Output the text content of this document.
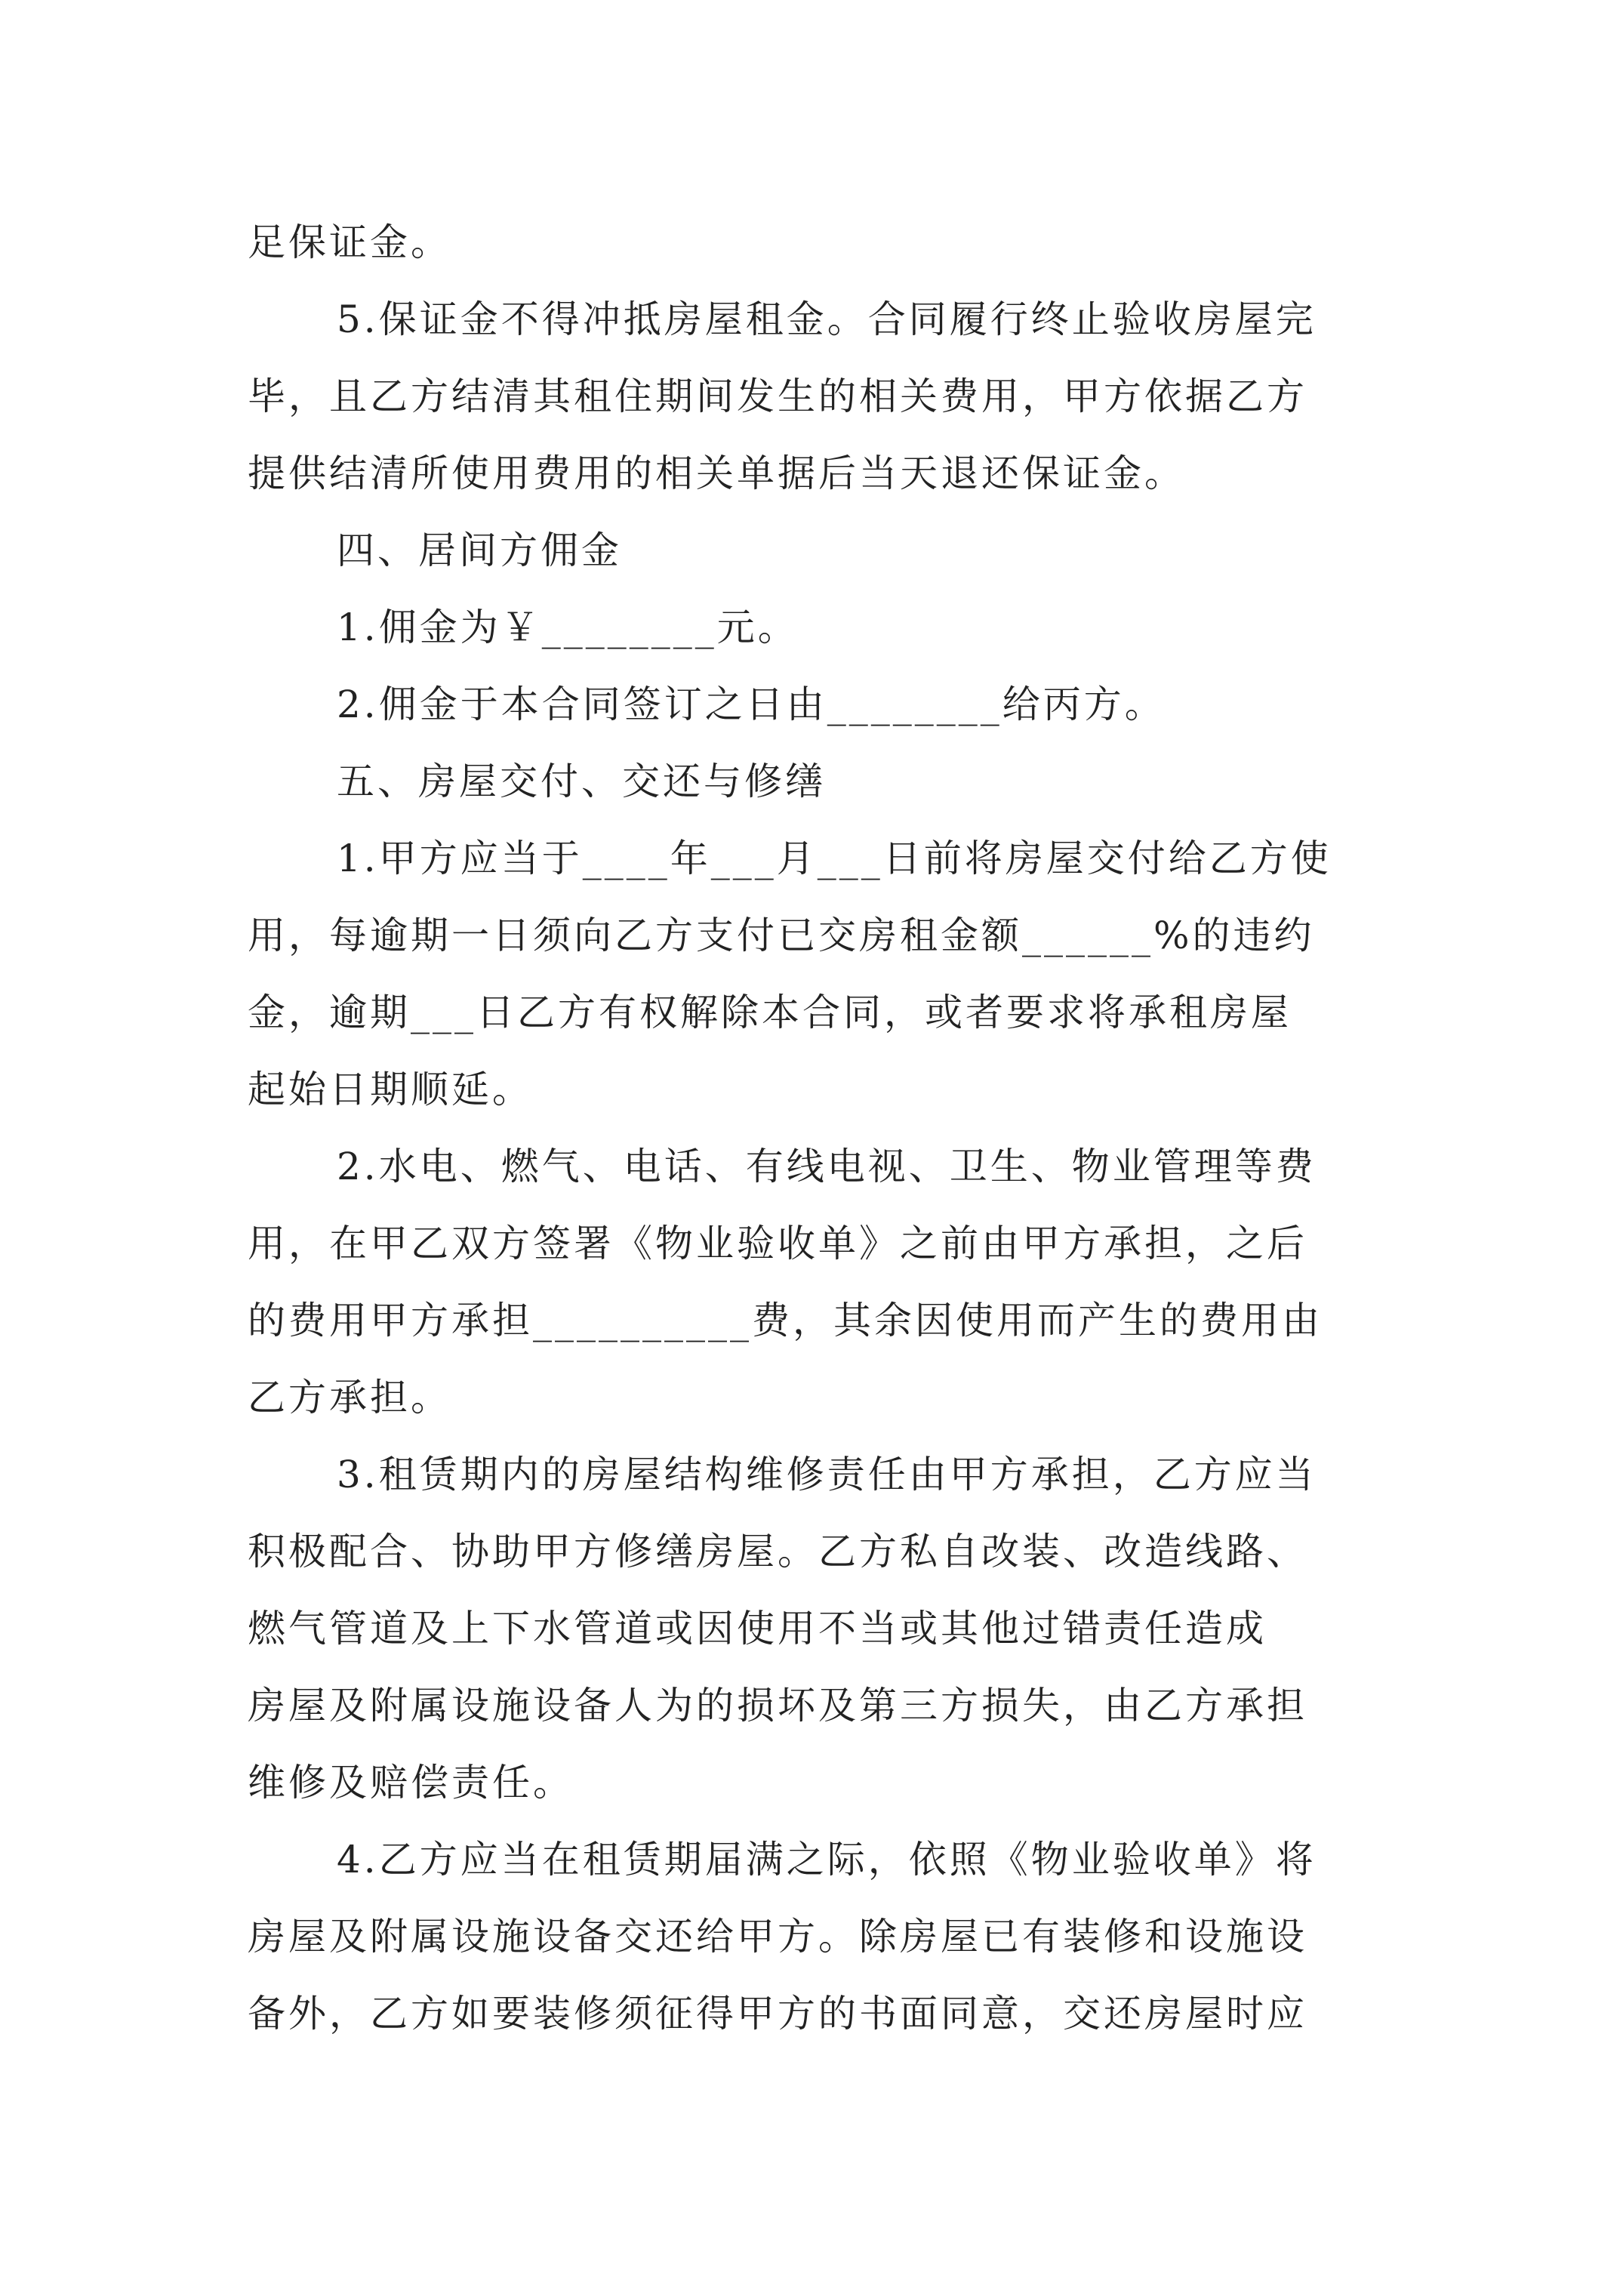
足保证金。
5.保证金不得冲抵房屋租金。合同履行终止验收房屋完
毕，且乙方结清其租住期间发生的相关费用，甲方依据乙方
提供结清所使用费用的相关单据后当天退还保证金。
四、居间方佣金
1.佣金为￥________元。
2.佣金于本合同签订之日由________给丙方。
五、房屋交付、交还与修缮
1.甲方应当于____年___月___日前将房屋交付给乙方使
用，每逾期一日须向乙方支付已交房租金额______%的违约
金，逾期___日乙方有权解除本合同，或者要求将承租房屋
起始日期顺延。
2.水电、燃气、电话、有线电视、卫生、物业管理等费
用，在甲乙双方签署《物业验收单》之前由甲方承担，之后
的费用甲方承担__________费，其余因使用而产生的费用由
乙方承担。
3.租赁期内的房屋结构维修责任由甲方承担，乙方应当
积极配合、协助甲方修缮房屋。乙方私自改装、改造线路、
燃气管道及上下水管道或因使用不当或其他过错责任造成
房屋及附属设施设备人为的损坏及第三方损失，由乙方承担
维修及赔偿责任。
4.乙方应当在租赁期届满之际，依照《物业验收单》将
房屋及附属设施设备交还给甲方。除房屋已有装修和设施设
备外，乙方如要装修须征得甲方的书面同意，交还房屋时应
